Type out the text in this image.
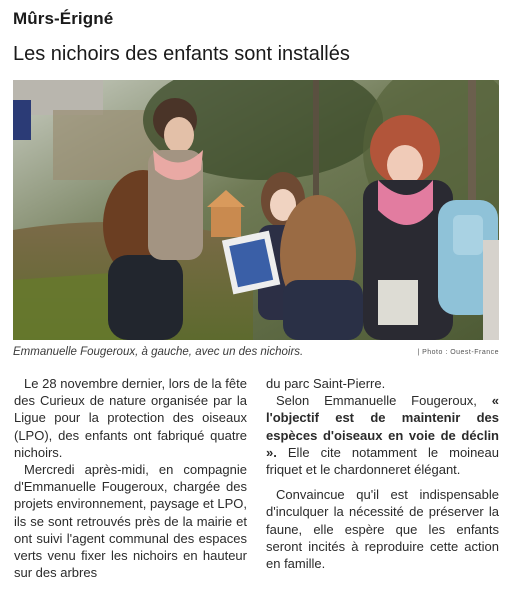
Mûrs-Érigné
Les nichoirs des enfants sont installés
Emmanuelle Fougeroux, à gauche, avec un des nichoirs.	| Photo : Ouest-France

Le 28 novembre dernier, lors de la fête des Curieux de nature organisée par la Ligue pour la protection des oiseaux (LPO), des enfants ont fabriqué quatre nichoirs.

Mercredi après-midi, en compagnie d'Emmanuelle Fougeroux, chargée des projets environnement, paysage et LPO, ils se sont retrouvés près de la mairie et ont suivi l'agent communal des espaces verts venu fixer les nichoirs en hauteur sur des arbres

du parc Saint-Pierre.

Selon Emmanuelle Fougeroux, « l'objectif est de maintenir des espèces d'oiseaux en voie de déclin ». Elle cite notamment le moineau friquet et le chardonneret élégant.

Convaincue qu'il est indispensable d'inculquer la nécessité de préserver la faune, elle espère que les enfants seront incités à reproduire cette action en famille.
